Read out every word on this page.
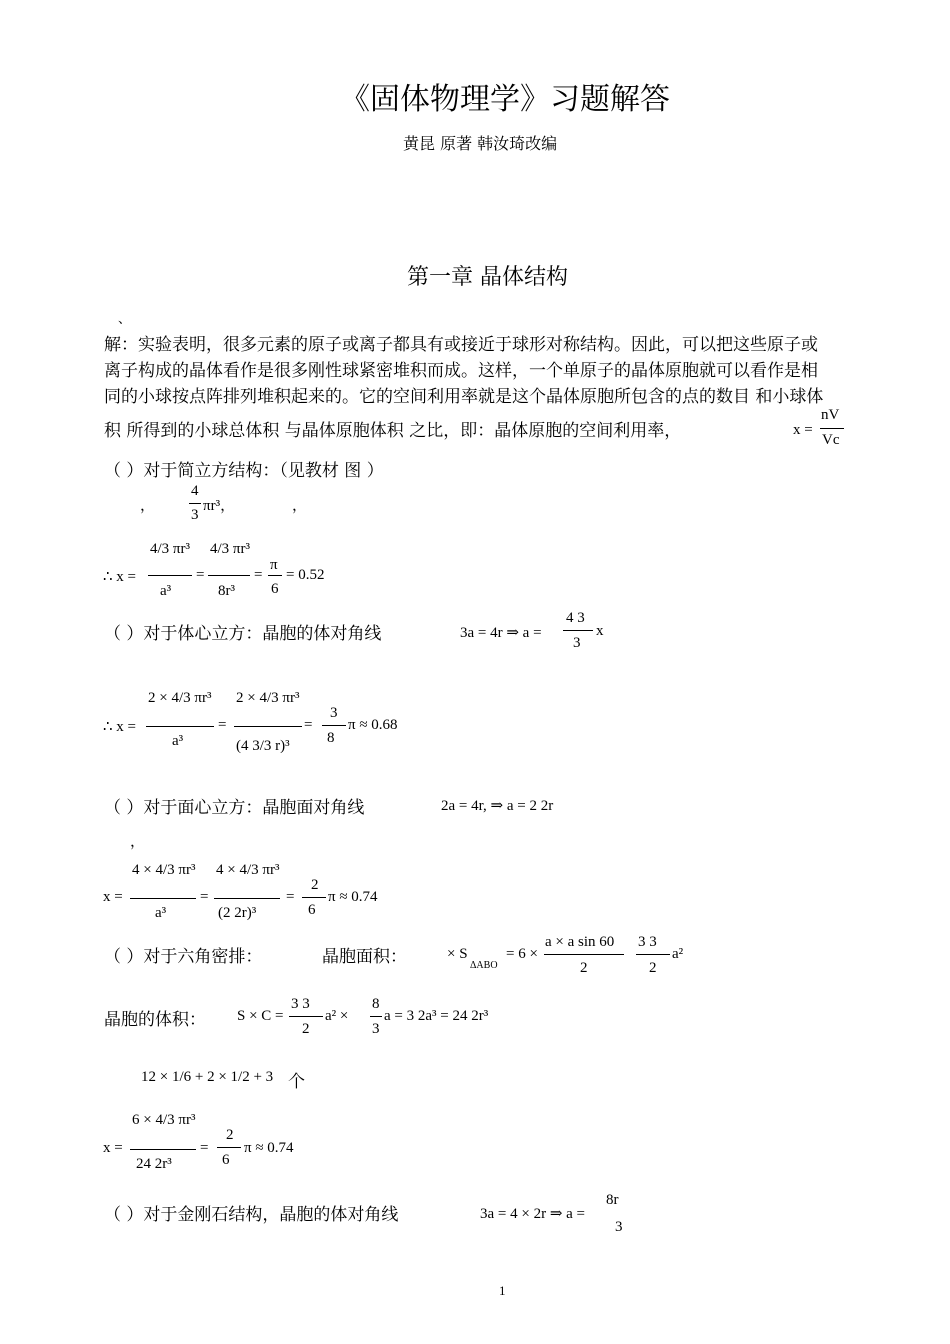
《固体物理学》习题解答
黄昆 原著 韩汝琦改编
第一章 晶体结构
、
解：实验表明，很多元素的原子或离子都具有或接近于球形对称结构。因此，可以把这些原子或
离子构成的晶体看作是很多刚性球紧密堆积而成。这样，一个单原子的晶体原胞就可以看作是相
同的小球按点阵排列堆积起来的。它的空间利用率就是这个晶体原胞所包含的点的数目 和小球体
积 所得到的小球总体积 与晶体原胞体积 之比，即：晶体原胞的空间利用率，	x =
nV
Vc
（ ）对于简立方结构：（见教材 图 ）
，
4
3
πr³，	，
∴ x =
4/3 πr³
a³
=
4/3 πr³
8r³
=
π
6
= 0.52
（ ）对于体心立方：晶胞的体对角线	3a = 4r ⇒ a =
4 3
3
x
∴ x =
2 × 4/3 πr³
a³
=
2 × 4/3 πr³
(4 3/3 r)³
=
3
8
π ≈ 0.68
（ ）对于面心立方：晶胞面对角线	2a = 4r, ⇒ a = 2 2r
，
x =
4 × 4/3 πr³
a³
=
4 × 4/3 πr³
(2 2r)³
=
2
6
π ≈ 0.74
（ ）对于六角密排：	晶胞面积：	× S
ΔABO
= 6 ×
a × a sin 60
2
3 3
2
a²
晶胞的体积： S × C =
3 3
2
a² ×
8
3
a = 3 2a³ = 24 2r³
12 × 1/6 + 2 × 1/2 + 3 个
x =
6 × 4/3 πr³
24 2r³
=
2
6
π ≈ 0.74
（ ）对于金刚石结构，晶胞的体对角线	3a = 4 × 2r ⇒ a =
8r
3
1
